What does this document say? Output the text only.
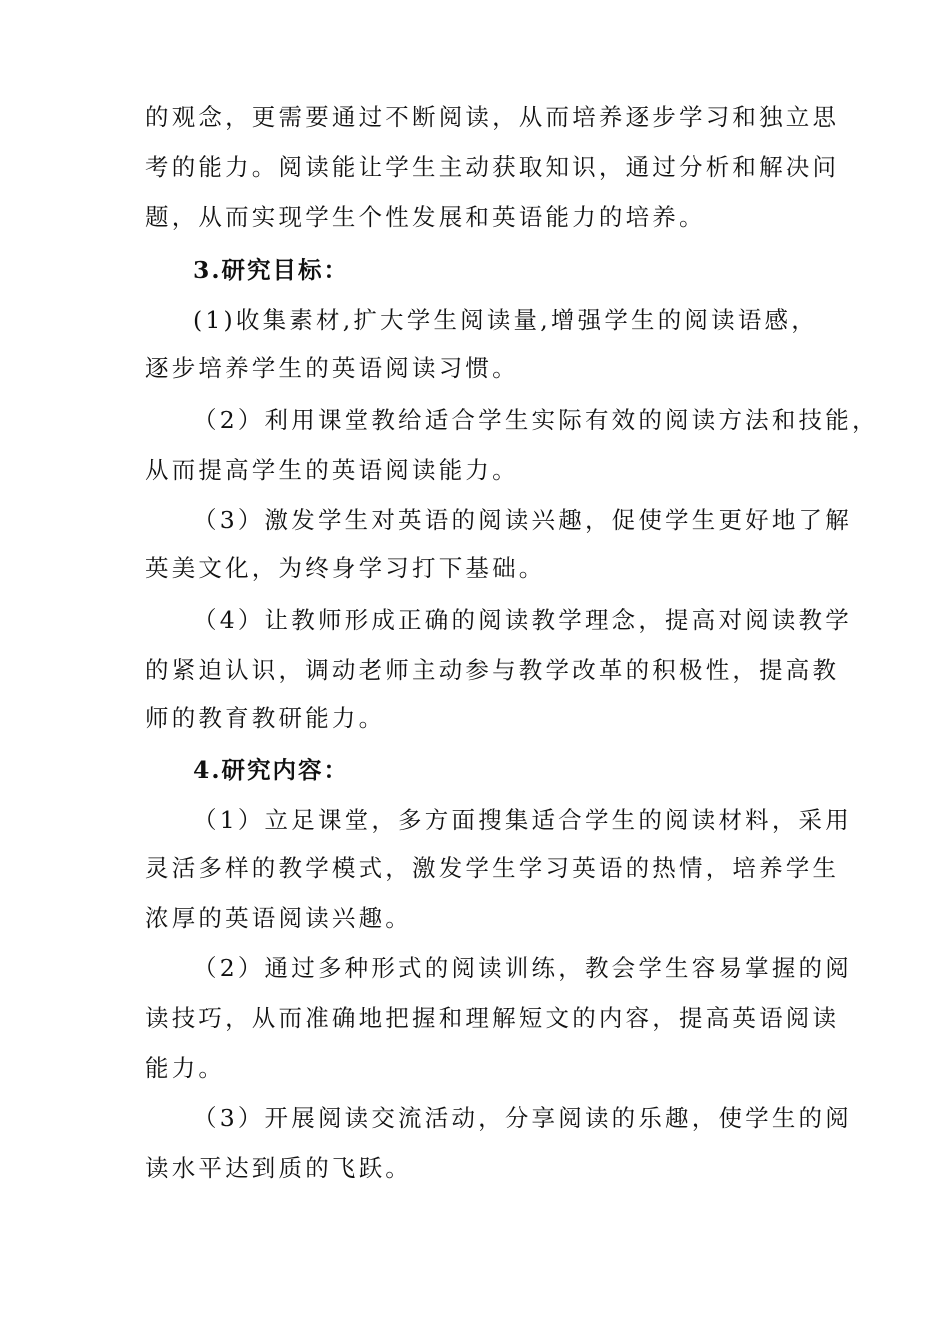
的观念，更需要通过不断阅读，从而培养逐步学习和独立思
考的能力。阅读能让学生主动获取知识，通过分析和解决问
题，从而实现学生个性发展和英语能力的培养。
3.研究目标：
(1)收集素材,扩大学生阅读量,增强学生的阅读语感，
逐步培养学生的英语阅读习惯。
（2）利用课堂教给适合学生实际有效的阅读方法和技能，
从而提高学生的英语阅读能力。
（3）激发学生对英语的阅读兴趣，促使学生更好地了解
英美文化，为终身学习打下基础。
（4）让教师形成正确的阅读教学理念，提高对阅读教学
的紧迫认识，调动老师主动参与教学改革的积极性，提高教
师的教育教研能力。
4.研究内容：
（1）立足课堂，多方面搜集适合学生的阅读材料，采用
灵活多样的教学模式，激发学生学习英语的热情，培养学生
浓厚的英语阅读兴趣。
（2）通过多种形式的阅读训练，教会学生容易掌握的阅
读技巧，从而准确地把握和理解短文的内容，提高英语阅读
能力。
（3）开展阅读交流活动，分享阅读的乐趣，使学生的阅
读水平达到质的飞跃。
